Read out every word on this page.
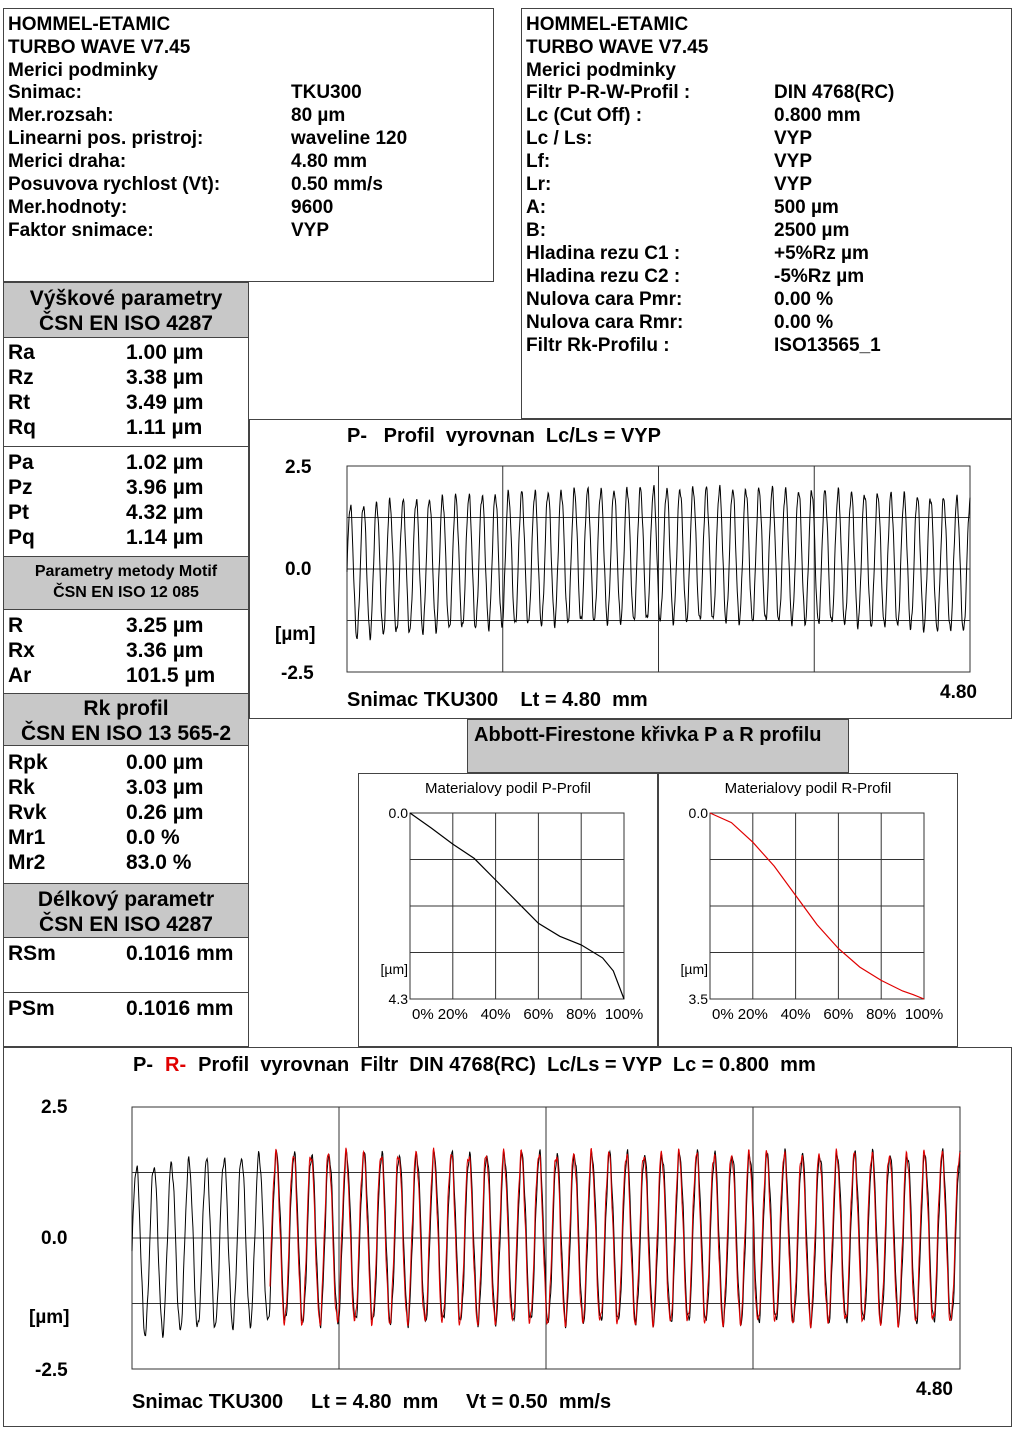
HOMMEL-ETAMIC
TURBO WAVE V7.45
Merici podminky
Snimac:	TKU300
Mer.rozsah:	80 µm
Linearni pos. pristroj:	waveline 120
Merici draha:	4.80 mm
Posuvova rychlost (Vt):	0.50 mm/s
Mer.hodnoty:	9600
Faktor snimace:	VYP
HOMMEL-ETAMIC
TURBO WAVE V7.45
Merici podminky
Filtr P-R-W-Profil :	DIN 4768(RC)
Lc (Cut Off) :	0.800 mm
Lc / Ls:	VYP
Lf:	VYP
Lr:	VYP
A:	500 µm
B:	2500 µm
Hladina rezu C1 :	+5%Rz µm
Hladina rezu C2 :	-5%Rz µm
Nulova cara Pmr:	0.00 %
Nulova cara Rmr:	0.00 %
Filtr Rk-Profilu :	ISO13565_1
Výškové parametry
ČSN EN ISO 4287
Ra	1.00 µm
Rz	3.38 µm
Rt	3.49 µm
Rq	1.11 µm
Pa	1.02 µm
Pz	3.96 µm
Pt	4.32 µm
Pq	1.14 µm
Parametry metody Motif
ČSN EN ISO 12 085
R	3.25 µm
Rx	3.36 µm
Ar	101.5 µm
Rk profil
ČSN EN ISO 13 565-2
Rpk	0.00 µm
Rk	3.03 µm
Rvk	0.26 µm
Mr1	0.0 %
Mr2	83.0 %
Délkový parametr
ČSN EN ISO 4287
RSm	0.1016 mm
PSm	0.1016 mm
P-   Profil  vyrovnan  Lc/Ls = VYP
2.5
0.0
[µm]
-2.5
Snimac TKU300    Lt = 4.80  mm	4.80
Abbott-Firestone křivka P a R profilu
Materialovy podil P-Profil
0.0
[µm]
4.3
0% 20% 40% 60% 80% 100%
Materialovy podil R-Profil
0.0
[µm]
3.5
0% 20% 40% 60% 80% 100%
P- R- Profil  vyrovnan  Filtr  DIN 4768(RC)  Lc/Ls = VYP  Lc = 0.800  mm
2.5
0.0
[µm]
-2.5
Snimac TKU300     Lt = 4.80  mm     Vt = 0.50  mm/s
4.80
